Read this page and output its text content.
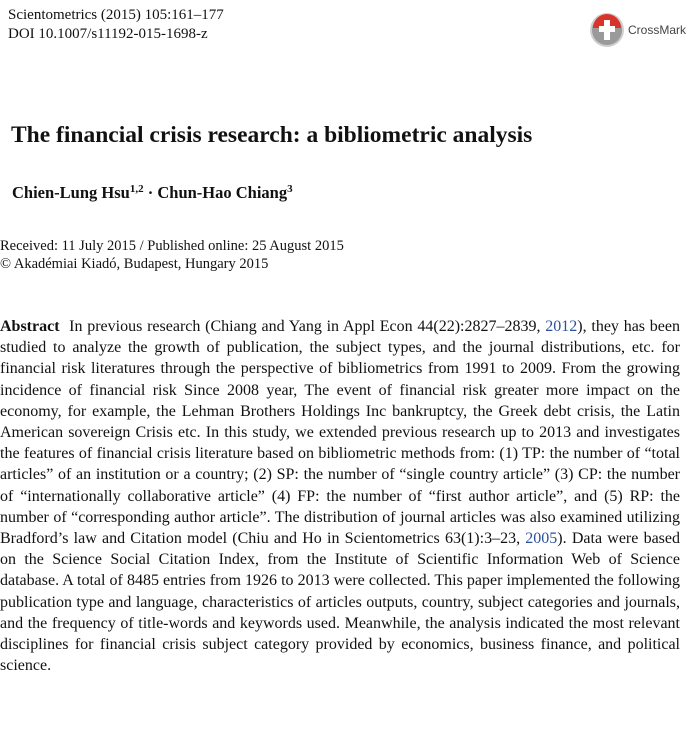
Scientometrics (2015) 105:161–177
DOI 10.1007/s11192-015-1698-z	CrossMark
The financial crisis research: a bibliometric analysis
Chien-Lung Hsu$^{1,2}$ · Chun-Hao Chiang$^3$
Received: 11 July 2015 / Published online: 25 August 2015
© Akadémiai Kiadó, Budapest, Hungary 2015

Abstract In previous research (Chiang and Yang in Appl Econ 44(22):2827–2839, 2012), they has been studied to analyze the growth of publication, the subject types, and the journal distributions, etc. for financial risk literatures through the perspective of bibliometrics from 1991 to 2009. From the growing incidence of financial risk Since 2008 year, The event of financial risk greater more impact on the economy, for example, the Lehman Brothers Holdings Inc bankruptcy, the Greek debt crisis, the Latin American sovereign Crisis etc. In this study, we extended previous research up to 2013 and investigates the features of financial crisis literature based on bibliometric methods from: (1) TP: the number of “total articles” of an institution or a country; (2) SP: the number of “single country article” (3) CP: the number of “internationally collaborative article” (4) FP: the number of “first author article”, and (5) RP: the number of “corresponding author article”. The distribution of journal articles was also examined utilizing Bradford’s law and Citation model (Chiu and Ho in Scientometrics 63(1):3–23, 2005). Data were based on the Science Social Citation Index, from the Institute of Scientific Information Web of Science database. A total of 8485 entries from 1926 to 2013 were collected. This paper implemented the following publication type and language, characteristics of articles outputs, country, subject categories and journals, and the frequency of title-words and keywords used. Meanwhile, the analysis indicated the most relevant disciplines for financial crisis subject category provided by economics, business finance, and political science.
